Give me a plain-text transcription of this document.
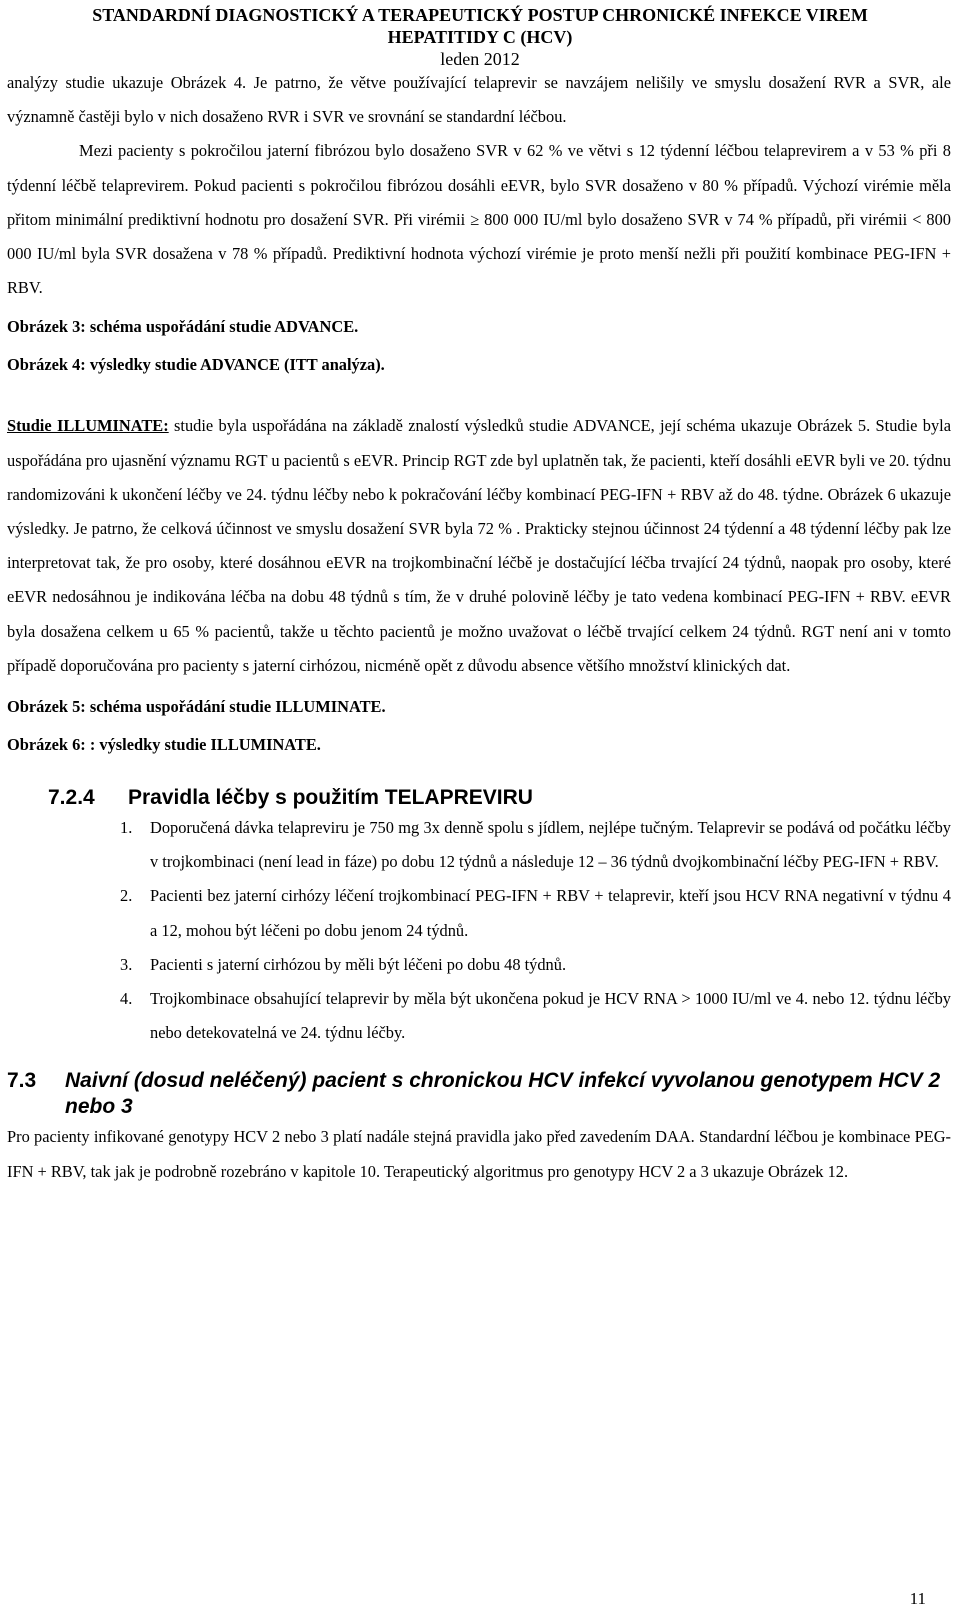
STANDARDNÍ DIAGNOSTICKÝ A TERAPEUTICKÝ POSTUP CHRONICKÉ INFEKCE VIREM
HEPATITIDY C (HCV)
leden 2012

analýzy studie ukazuje Obrázek 4. Je patrno, že větve používající telaprevir se navzájem nelišily ve smyslu dosažení RVR a SVR, ale významně častěji bylo v nich dosaženo RVR i SVR ve srovnání se standardní léčbou.

Mezi pacienty s pokročilou jaterní fibrózou bylo dosaženo SVR v 62 % ve větvi s 12 týdenní léčbou telaprevirem a v 53 % při 8 týdenní léčbě telaprevirem. Pokud pacienti s pokročilou fibrózou dosáhli eEVR, bylo SVR dosaženo v 80 % případů. Výchozí virémie měla přitom minimální prediktivní hodnotu pro dosažení SVR. Při virémii ≥ 800 000 IU/ml bylo dosaženo SVR v 74 % případů, při virémii < 800 000 IU/ml byla SVR dosažena v 78 % případů. Prediktivní hodnota výchozí virémie je proto menší nežli při použití kombinace PEG-IFN + RBV.

Obrázek 3: schéma uspořádání studie ADVANCE.

Obrázek 4: výsledky studie ADVANCE (ITT analýza).

Studie ILLUMINATE: studie byla uspořádána na základě znalostí výsledků studie ADVANCE, její schéma ukazuje Obrázek 5. Studie byla uspořádána pro ujasnění významu RGT u pacientů s eEVR. Princip RGT zde byl uplatněn tak, že pacienti, kteří dosáhli eEVR byli ve 20. týdnu randomizováni k ukončení léčby ve 24. týdnu léčby nebo k pokračování léčby kombinací PEG-IFN + RBV až do 48. týdne. Obrázek 6 ukazuje výsledky. Je patrno, že celková účinnost ve smyslu dosažení SVR byla 72 % . Prakticky stejnou účinnost 24 týdenní a 48 týdenní léčby pak lze interpretovat tak, že pro osoby, které dosáhnou eEVR na trojkombinační léčbě je dostačující léčba trvající 24 týdnů, naopak pro osoby, které eEVR nedosáhnou je indikována léčba na dobu 48 týdnů s tím, že v druhé polovině léčby je tato vedena kombinací PEG-IFN + RBV. eEVR byla dosažena celkem u 65 % pacientů, takže u těchto pacientů je možno uvažovat o léčbě trvající celkem 24 týdnů. RGT není ani v tomto případě doporučována pro pacienty s jaterní cirhózou, nicméně opět z důvodu absence většího množství klinických dat.

Obrázek 5: schéma uspořádání studie ILLUMINATE.

Obrázek 6: : výsledky studie ILLUMINATE.

7.2.4 Pravidla léčby s použitím TELAPREVIRU
1. Doporučená dávka telapreviru je 750 mg 3x denně spolu s jídlem, nejlépe tučným. Telaprevir se podává od počátku léčby v trojkombinaci (není lead in fáze) po dobu 12 týdnů a následuje 12 – 36 týdnů dvojkombinační léčby PEG-IFN + RBV.
2. Pacienti bez jaterní cirhózy léčení trojkombinací PEG-IFN + RBV + telaprevir, kteří jsou HCV RNA negativní v týdnu 4 a 12, mohou být léčeni po dobu jenom 24 týdnů.
3. Pacienti s jaterní cirhózou by měli být léčeni po dobu 48 týdnů.
4. Trojkombinace obsahující telaprevir by měla být ukončena pokud je HCV RNA > 1000 IU/ml ve 4. nebo 12. týdnu léčby nebo detekovatelná ve 24. týdnu léčby.
7.3 Naivní (dosud neléčený) pacient s chronickou HCV infekcí vyvolanou genotypem HCV 2 nebo 3

Pro pacienty infikované genotypy HCV 2 nebo 3 platí nadále stejná pravidla jako před zavedením DAA. Standardní léčbou je kombinace PEG-IFN + RBV, tak jak je podrobně rozebráno v kapitole 10. Terapeutický algoritmus pro genotypy HCV 2 a 3 ukazuje Obrázek 12.

11
